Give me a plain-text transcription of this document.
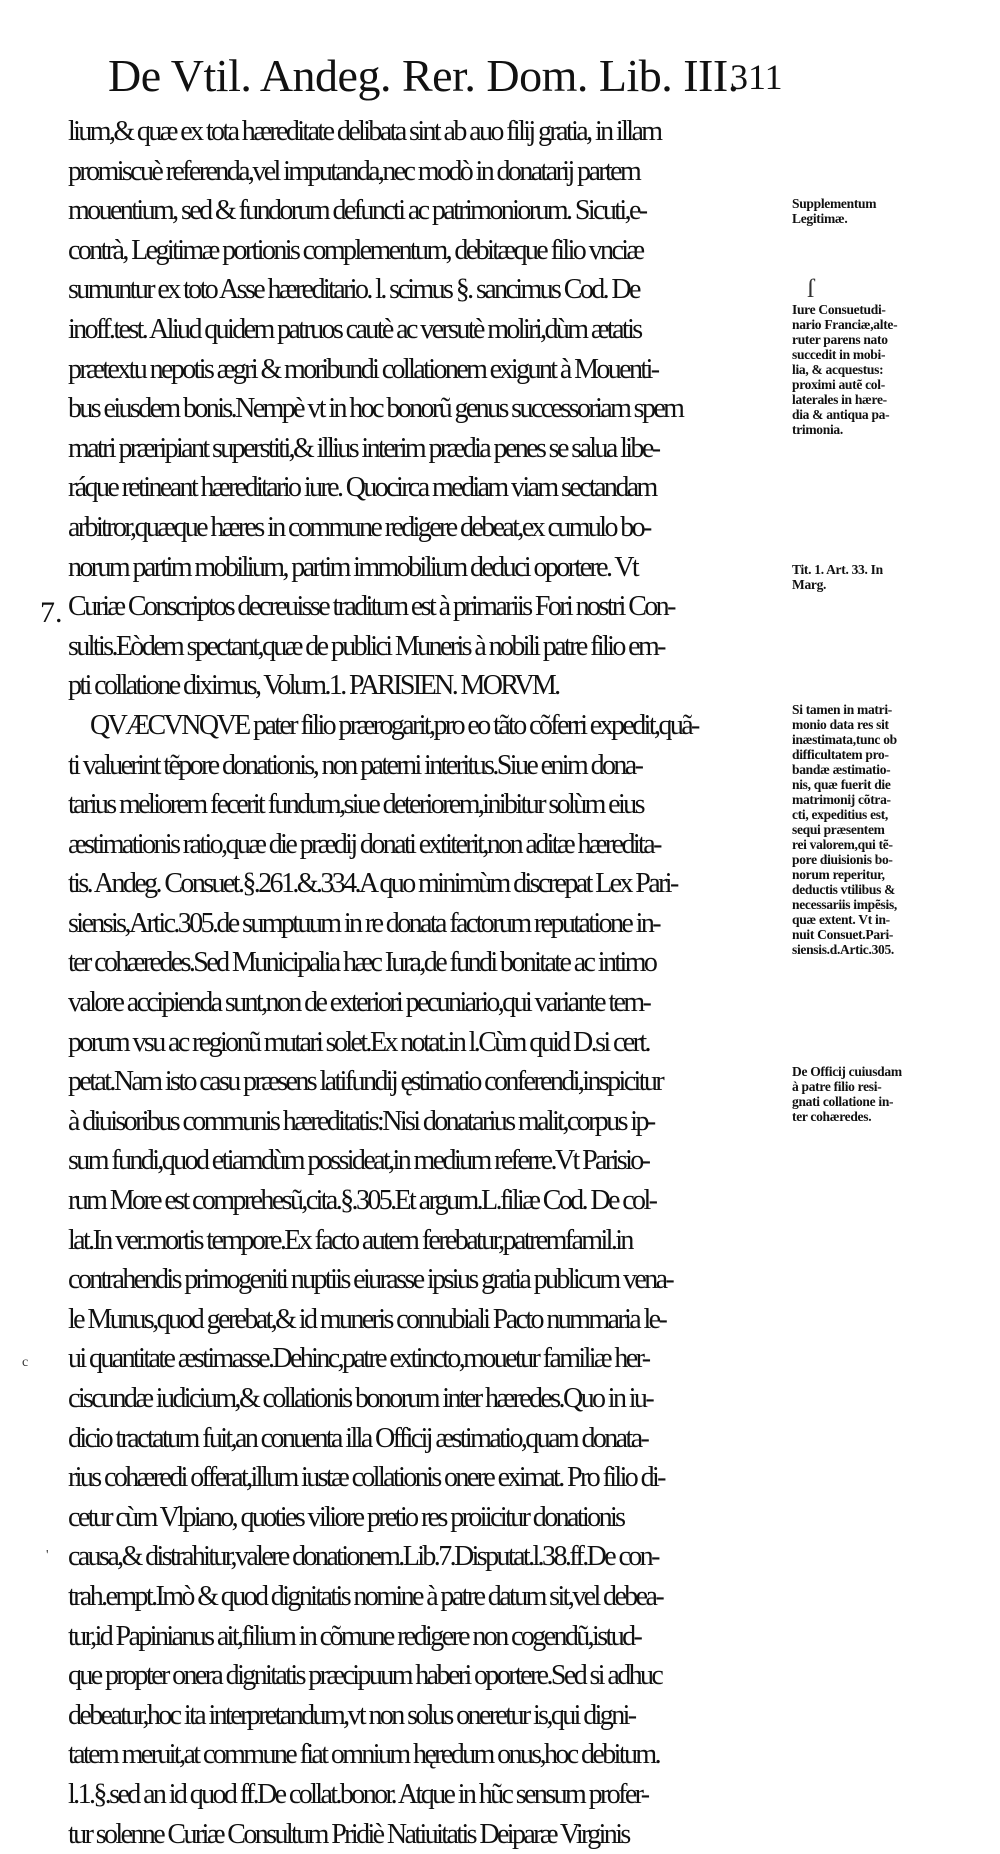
De Vtil. Andeg. Rer. Dom. Lib. III.
311
7.
lium,& quæ ex tota hæreditate delibata sint ab auo filij gratia, in illam
promiscuè referenda,vel imputanda,nec modò in donatarij partem
mouentium, sed & fundorum defuncti ac patrimoniorum. Sicuti,e-
contrà, Legitimæ portionis complementum, debitæque filio vnciæ
sumuntur ex toto Asse hæreditario. l. scimus §. sancimus Cod. De
inoff.test. Aliud quidem patruos cautè ac versutè moliri,dùm ætatis
prætextu nepotis ægri & moribundi collationem exigunt à Mouenti-
bus eiusdem bonis.Nempè vt in hoc bonorũ genus successoriam spem
matri præripiant superstiti,& illius interim prædia penes se salua libe-
ráque retineant hæreditario iure. Quocirca mediam viam sectandam
arbitror,quæque hæres in commune redigere debeat,ex cumulo bo-
norum partim mobilium, partim immobilium deduci oportere. Vt
Curiæ Conscriptos decreuisse traditum est à primariis Fori nostri Con-
sultis.Eòdem spectant,quæ de publici Muneris à nobili patre filio em-
pti collatione diximus, Volum.1. PARISIEN. MORVM.
QVÆCVNQVE pater filio prærogarit,pro eo tãto cõferri expedit,quã-
ti valuerint tẽpore donationis, non paterni interitus.Siue enim dona-
tarius meliorem fecerit fundum,siue deteriorem,inibitur solùm eius
æstimationis ratio,quæ die prædij donati extiterit,non aditæ hæredita-
tis. Andeg. Consuet.§.261.&.334.A quo minimùm discrepat Lex Pari-
siensis,Artic.305.de sumptuum in re donata factorum reputatione in-
ter cohæredes.Sed Municipalia hæc Iura,de fundi bonitate ac intimo
valore accipienda sunt,non de exteriori pecuniario,qui variante tem-
porum vsu ac regionũ mutari solet.Ex notat.in l.Cùm quid D.si cert.
petat.Nam isto casu præsens latifundij ęstimatio conferendi,inspicitur
à diuisoribus communis hæreditatis:Nisi donatarius malit,corpus ip-
sum fundi,quod etiamdùm possideat,in medium referre.Vt Parisio-
rum More est comprehesũ,cita.§.305.Et argum.L.filiæ Cod. De col-
lat.In ver.mortis tempore.Ex facto autem ferebatur,patremfamil.in
contrahendis primogeniti nuptiis eiurasse ipsius gratia publicum vena-
le Munus,quod gerebat,& id muneris connubiali Pacto nummaria le-
ui quantitate æstimasse.Dehinc,patre extincto,mouetur familiæ her-
ciscundæ iudicium,& collationis bonorum inter hæredes.Quo in iu-
dicio tractatum fuit,an conuenta illa Officij æstimatio,quam donata-
rius cohæredi offerat,illum iustæ collationis onere eximat. Pro filio di-
cetur cùm Vlpiano, quoties viliore pretio res proiicitur donationis
causa,& distrahitur,valere donationem.Lib.7.Disputat.l.38.ff.De con-
trah.empt.Imò & quod dignitatis nomine à patre datum sit,vel debea-
tur,id Papinianus ait,filium in cõmune redigere non cogendũ,istud-
que propter onera dignitatis præcipuum haberi oportere.Sed si adhuc
debeatur,hoc ita interpretandum,vt non solus oneretur is,qui digni-
tatem meruit,at commune fiat omnium hęredum onus,hoc debitum.
l.1.§.sed an id quod ff.De collat.bonor. Atque in hũc sensum profer-
tur solenne Curiæ Consultum Pridiè Natiuitatis Deiparæ Virginis
Supplementum
Legitimæ.
Iure Consuetudi-
nario Franciæ,alte-
ruter parens nato
succedit in mobi-
lia, & acquestus:
proximi autẽ col-
laterales in hære-
dia & antiqua pa-
trimonia.
Tit. 1. Art. 33. In
Marg.
Si tamen in matri-
monio data res sit
inæstimata,tunc ob
difficultatem pro-
bandæ æstimatio-
nis, quæ fuerit die
matrimonij cõtra-
cti, expeditius est,
sequi præsentem
rei valorem,qui tẽ-
pore diuisionis bo-
norum reperitur,
deductis vtilibus &
necessariis impẽsis,
quæ extent. Vt in-
nuit Consuet.Pari-
siensis.d.Artic.305.
De Officij cuiusdam
à patre filio resi-
gnati collatione in-
ter cohæredes.
ſ
c
'
